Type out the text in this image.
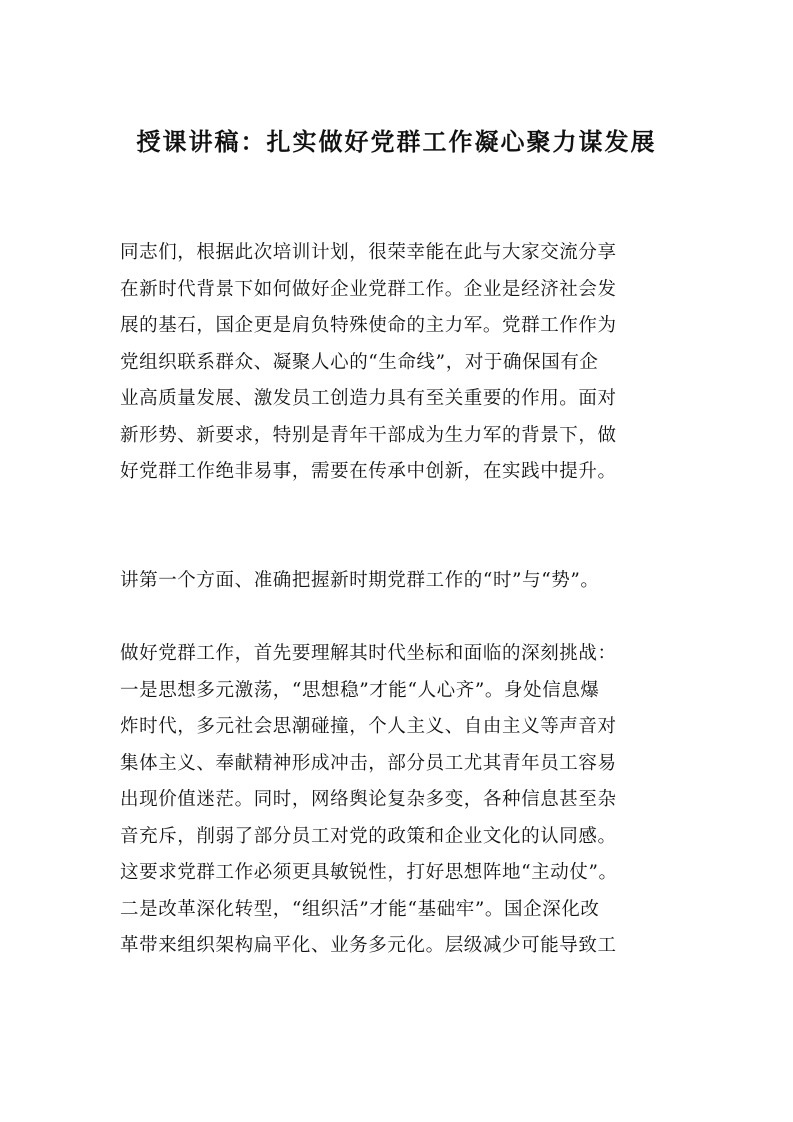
授课讲稿：扎实做好党群工作凝心聚力谋发展

同志们，根据此次培训计划，很荣幸能在此与大家交流分享
在新时代背景下如何做好企业党群工作。企业是经济社会发
展的基石，国企更是肩负特殊使命的主力军。党群工作作为
党组织联系群众、凝聚人心的“生命线”，对于确保国有企
业高质量发展、激发员工创造力具有至关重要的作用。面对
新形势、新要求，特别是青年干部成为生力军的背景下，做
好党群工作绝非易事，需要在传承中创新，在实践中提升。

讲第一个方面、准确把握新时期党群工作的“时”与“势”。

做好党群工作，首先要理解其时代坐标和面临的深刻挑战：
一是思想多元激荡，“思想稳”才能“人心齐”。身处信息爆
炸时代，多元社会思潮碰撞，个人主义、自由主义等声音对
集体主义、奉献精神形成冲击，部分员工尤其青年员工容易
出现价值迷茫。同时，网络舆论复杂多变，各种信息甚至杂
音充斥，削弱了部分员工对党的政策和企业文化的认同感。
这要求党群工作必须更具敏锐性，打好思想阵地“主动仗”。
二是改革深化转型，“组织活”才能“基础牢”。国企深化改
革带来组织架构扁平化、业务多元化。层级减少可能导致工
